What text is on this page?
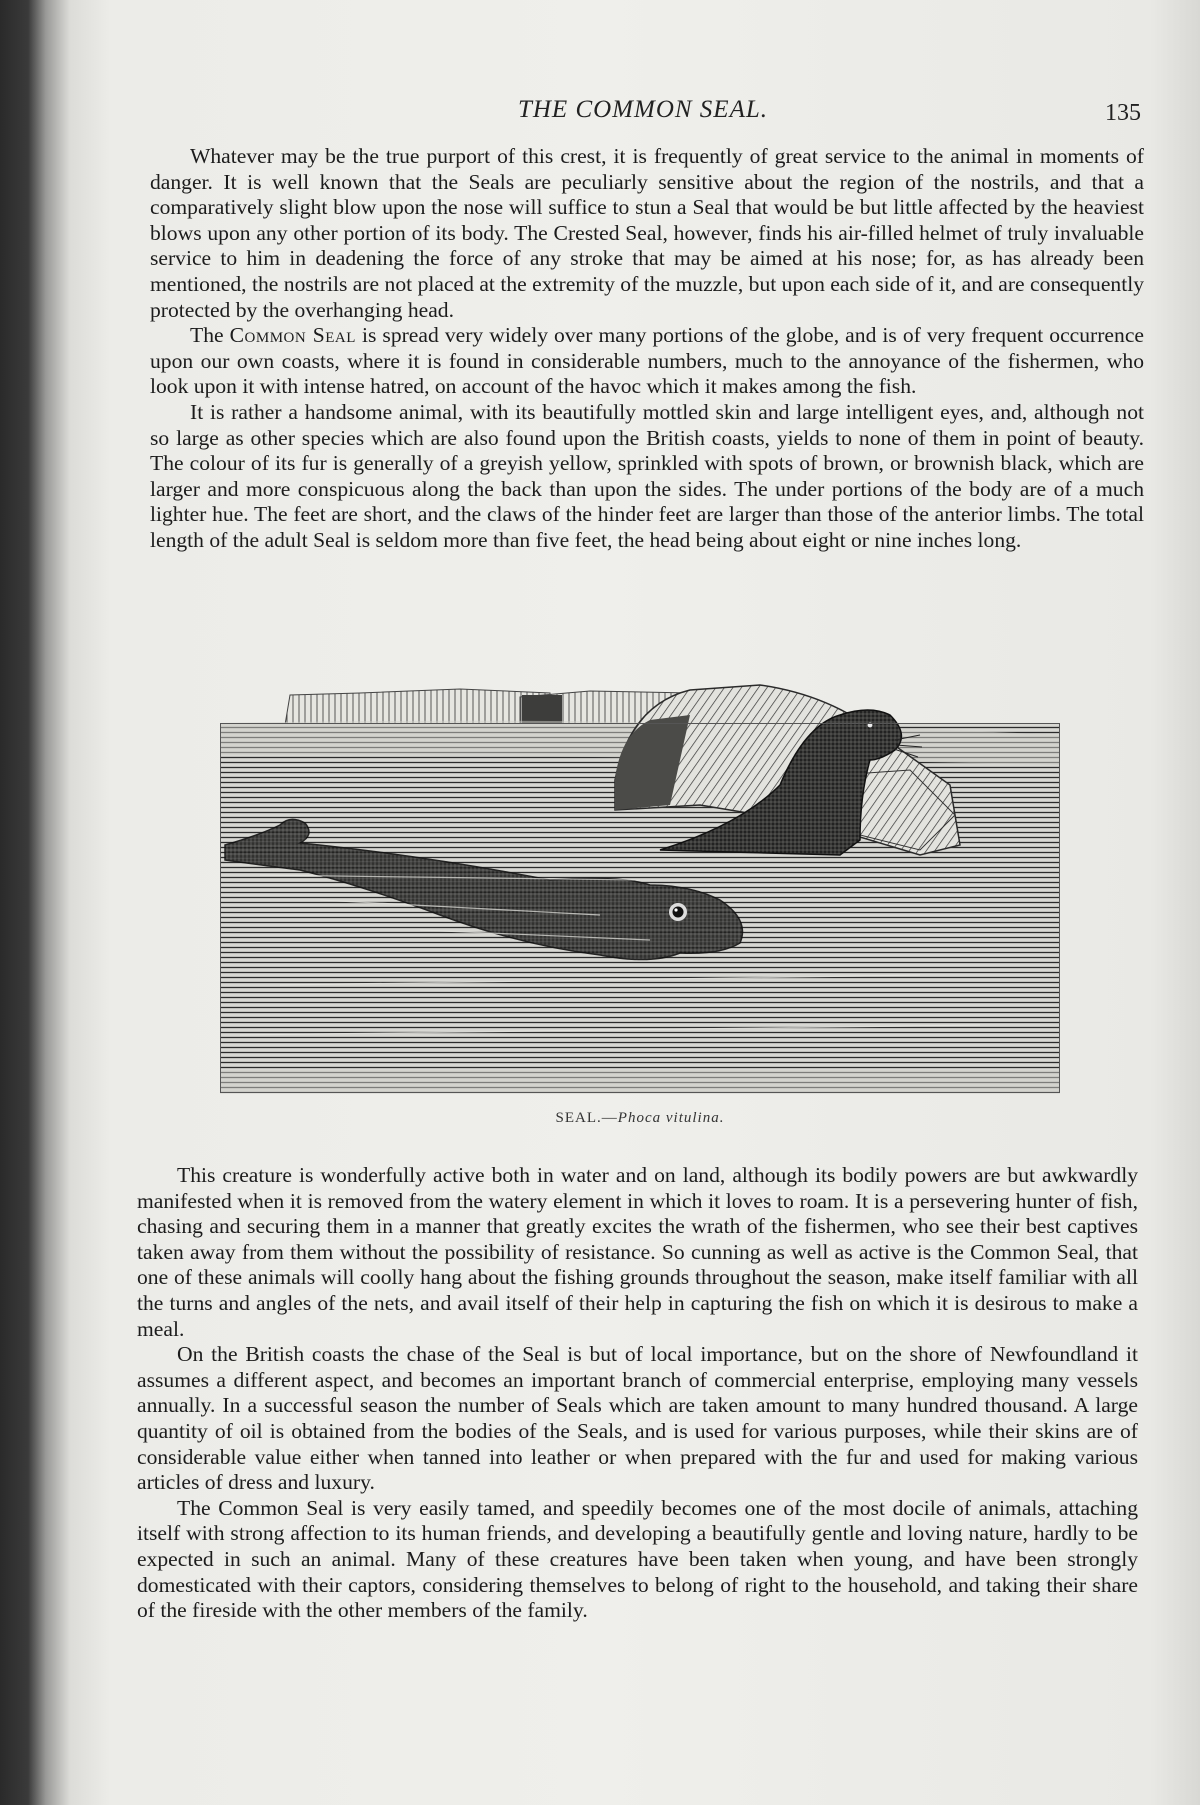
THE COMMON SEAL.	135

Whatever may be the true purport of this crest, it is frequently of great service to the animal in moments of danger. It is well known that the Seals are peculiarly sensitive about the region of the nostrils, and that a comparatively slight blow upon the nose will suffice to stun a Seal that would be but little affected by the heaviest blows upon any other portion of its body. The Crested Seal, however, finds his air-filled helmet of truly invaluable service to him in deadening the force of any stroke that may be aimed at his nose; for, as has already been mentioned, the nostrils are not placed at the extremity of the muzzle, but upon each side of it, and are consequently protected by the overhanging head.

The Common Seal is spread very widely over many portions of the globe, and is of very frequent occurrence upon our own coasts, where it is found in considerable numbers, much to the annoyance of the fishermen, who look upon it with intense hatred, on account of the havoc which it makes among the fish.

It is rather a handsome animal, with its beautifully mottled skin and large intelligent eyes, and, although not so large as other species which are also found upon the British coasts, yields to none of them in point of beauty. The colour of its fur is generally of a greyish yellow, sprinkled with spots of brown, or brownish black, which are larger and more conspicuous along the back than upon the sides. The under portions of the body are of a much lighter hue. The feet are short, and the claws of the hinder feet are larger than those of the anterior limbs. The total length of the adult Seal is seldom more than five feet, the head being about eight or nine inches long.

SEAL.—Phoca vitulina.

This creature is wonderfully active both in water and on land, although its bodily powers are but awkwardly manifested when it is removed from the watery element in which it loves to roam. It is a persevering hunter of fish, chasing and securing them in a manner that greatly excites the wrath of the fishermen, who see their best captives taken away from them without the possibility of resistance. So cunning as well as active is the Common Seal, that one of these animals will coolly hang about the fishing grounds throughout the season, make itself familiar with all the turns and angles of the nets, and avail itself of their help in capturing the fish on which it is desirous to make a meal.

On the British coasts the chase of the Seal is but of local importance, but on the shore of Newfoundland it assumes a different aspect, and becomes an important branch of commercial enterprise, employing many vessels annually. In a successful season the number of Seals which are taken amount to many hundred thousand. A large quantity of oil is obtained from the bodies of the Seals, and is used for various purposes, while their skins are of considerable value either when tanned into leather or when prepared with the fur and used for making various articles of dress and luxury.

The Common Seal is very easily tamed, and speedily becomes one of the most docile of animals, attaching itself with strong affection to its human friends, and developing a beautifully gentle and loving nature, hardly to be expected in such an animal. Many of these creatures have been taken when young, and have been strongly domesticated with their captors, considering themselves to belong of right to the household, and taking their share of the fireside with the other members of the family.
